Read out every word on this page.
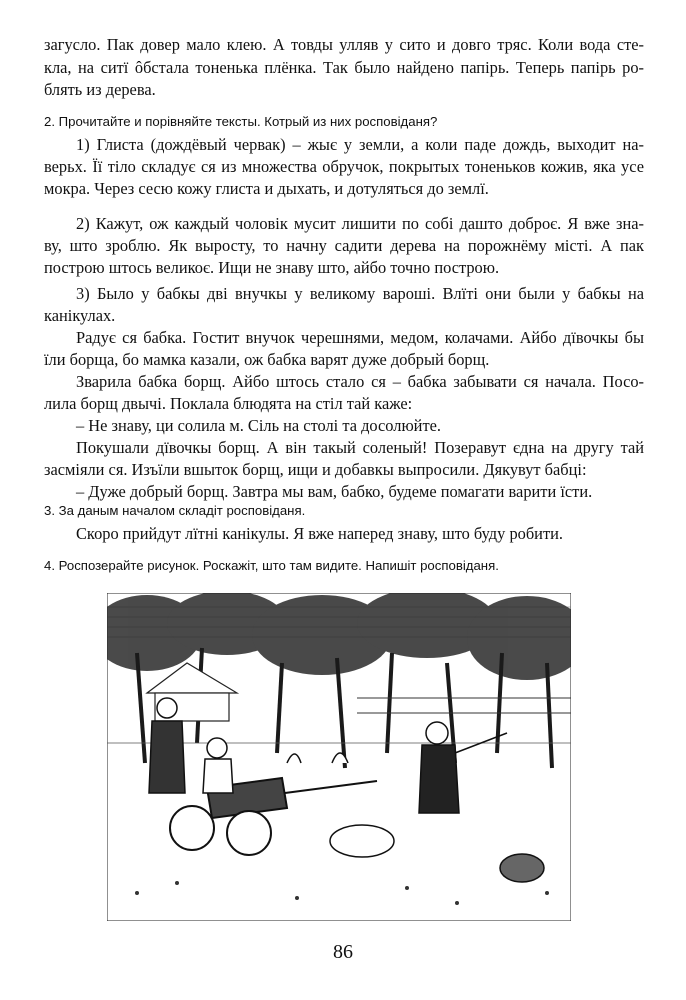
загусло. Пак довер мало клею. А товды улляв у сито и довго тряс. Коли вода сте-
кла, на ситї ôбстала тоненька плёнка. Так было найдено папірь. Теперь папірь ро-
блять из дерева.
2. Прочитайте и порівняйте тексты. Котрый из них росповіданя?
1) Глиста (дождёвый червак) – жыє у земли, а коли паде дождь, выходит на-
верьх. Її тіло складує ся из множества обручок, покрытых тоненьков кожив, яка усе
мокра. Через сесю кожу глиста и дыхать, и дотуляться до землї.
2) Кажут, ож каждый чоловік мусит лишити по собі дашто доброє. Я вже зна-
ву, што зроблю. Як выросту, то начну садити дерева на порожнёму місті. А пак
построю штось великоє. Ищи не знаву што, айбо точно построю.
3) Было у бабкы дві внучкы у великому вароші. Влїті они были у бабкы на
канікулах.
Радує ся бабка. Гостит внучок черешнями, медом, колачами. Айбо дївочкы бы
їли борща, бо мамка казали, ож бабка варят дуже добрый борщ.
Зварила бабка борщ. Айбо штось стало ся – бабка забывати ся начала. Посо-
лила борщ двычі. Поклала блюдята на стіл тай каже:
– Не знаву, ци солила м. Сіль на столі та досолюйте.
Покушали дївочкы борщ. А він такый соленый! Позеравут єдна на другу тай
засміяли ся. Изъїли вшыток борщ, ищи и добавкы выпросили. Дякувут бабці:
– Дуже добрый борщ. Завтра мы вам, бабко, будеме помагати варити їсти.
3. За даным началом складіт росповіданя.
Скоро прийдут лїтні канікулы. Я вже наперед знаву, што буду робити.
4. Роспозерайте рисунок. Роскажіт, што там видите. Напишіт росповіданя.
86
